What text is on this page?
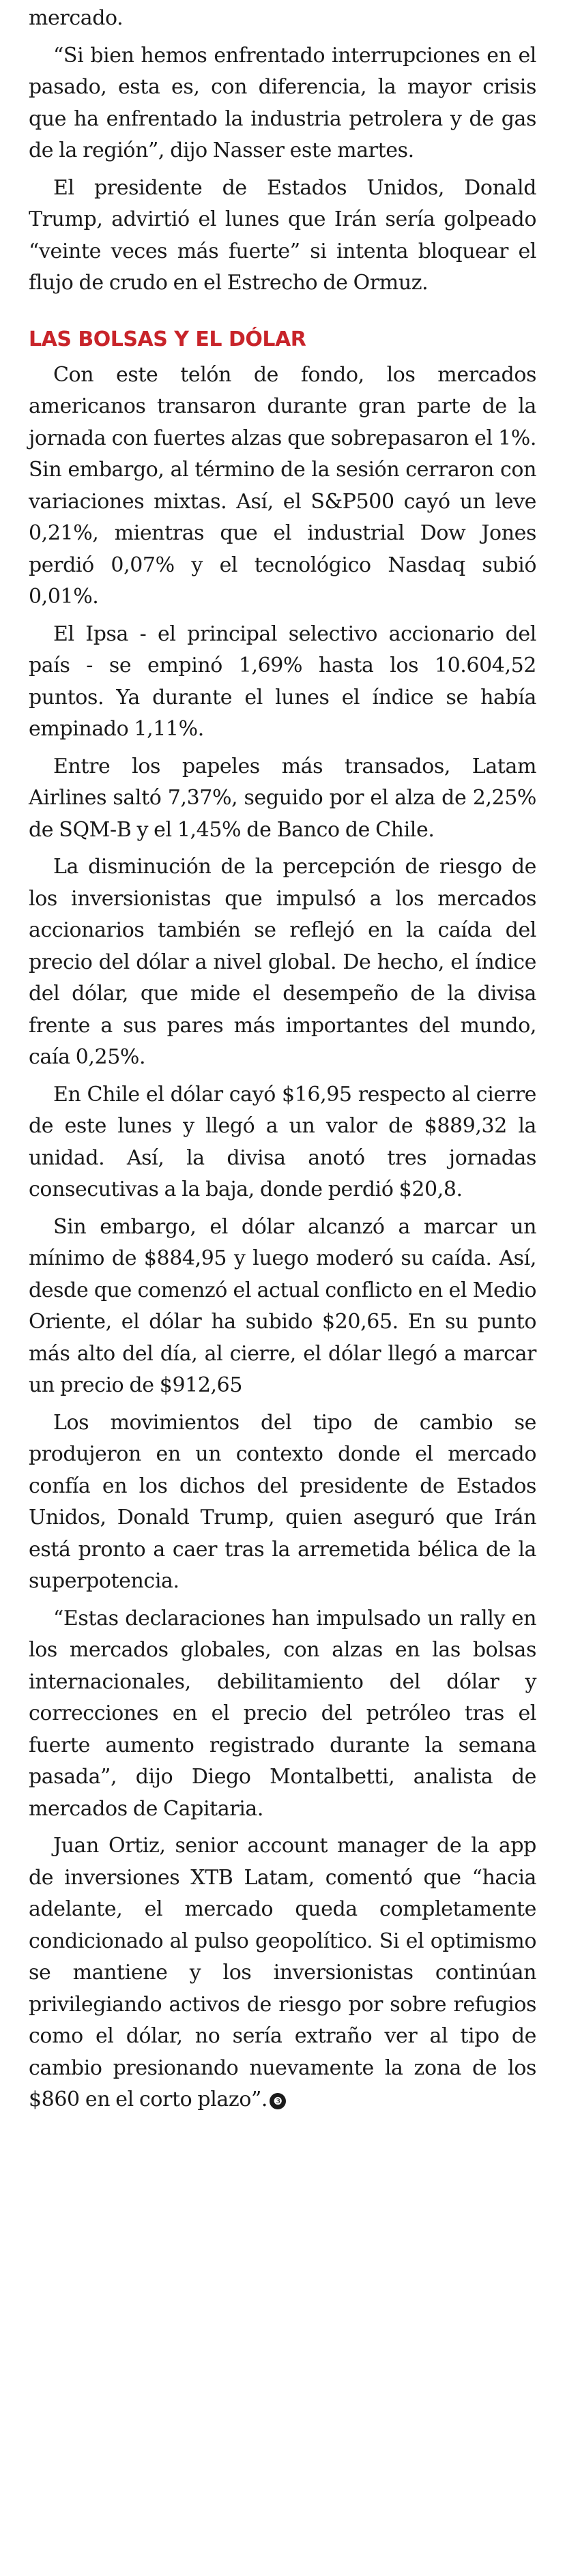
mercado.

“Si bien hemos enfrentado interrupciones en el pasado, esta es, con diferencia, la mayor crisis que ha enfrentado la industria petrolera y de gas de la región”, dijo Nasser este martes.

El presidente de Estados Unidos, Donald Trump, advirtió el lunes que Irán sería golpeado “veinte veces más fuerte” si intenta bloquear el flujo de crudo en el Estrecho de Ormuz.

LAS BOLSAS Y EL DÓLAR

Con este telón de fondo, los mercados americanos transaron durante gran parte de la jornada con fuertes alzas que sobrepasaron el 1%. Sin embargo, al término de la sesión cerraron con variaciones mixtas. Así, el S&P500 cayó un leve 0,21%, mientras que el industrial Dow Jones perdió 0,07% y el tecnológico Nasdaq subió 0,01%.

El Ipsa - el principal selectivo accionario del país - se empinó 1,69% hasta los 10.604,52 puntos. Ya durante el lunes el índice se había empinado 1,11%.

Entre los papeles más transados, Latam Airlines saltó 7,37%, seguido por el alza de 2,25% de SQM-B y el 1,45% de Banco de Chile.

La disminución de la percepción de riesgo de los inversionistas que impulsó a los mercados accionarios también se reflejó en la caída del precio del dólar a nivel global. De hecho, el índice del dólar, que mide el desempeño de la divisa frente a sus pares más importantes del mundo, caía 0,25%.

En Chile el dólar cayó $16,95 respecto al cierre de este lunes y llegó a un valor de $889,32 la unidad. Así, la divisa anotó tres jornadas consecutivas a la baja, donde perdió $20,8.

Sin embargo, el dólar alcanzó a marcar un mínimo de $884,95 y luego moderó su caída. Así, desde que comenzó el actual conflicto en el Medio Oriente, el dólar ha subido $20,65. En su punto más alto del día, al cierre, el dólar llegó a marcar un precio de $912,65

Los movimientos del tipo de cambio se produjeron en un contexto donde el mercado confía en los dichos del presidente de Estados Unidos, Donald Trump, quien aseguró que Irán está pronto a caer tras la arremetida bélica de la superpotencia.

“Estas declaraciones han impulsado un rally en los mercados globales, con alzas en las bolsas internacionales, debilitamiento del dólar y correcciones en el precio del petróleo tras el fuerte aumento registrado durante la semana pasada”, dijo Diego Montalbetti, analista de mercados de Capitaria.

Juan Ortiz, senior account manager de la app de inversiones XTB Latam, comentó que “hacia adelante, el mercado queda completamente condicionado al pulso geopolítico. Si el optimismo se mantiene y los inversionistas continúan privilegiando activos de riesgo por sobre refugios como el dólar, no sería extraño ver al tipo de cambio presionando nuevamente la zona de los $860 en el corto plazo”. ❸
